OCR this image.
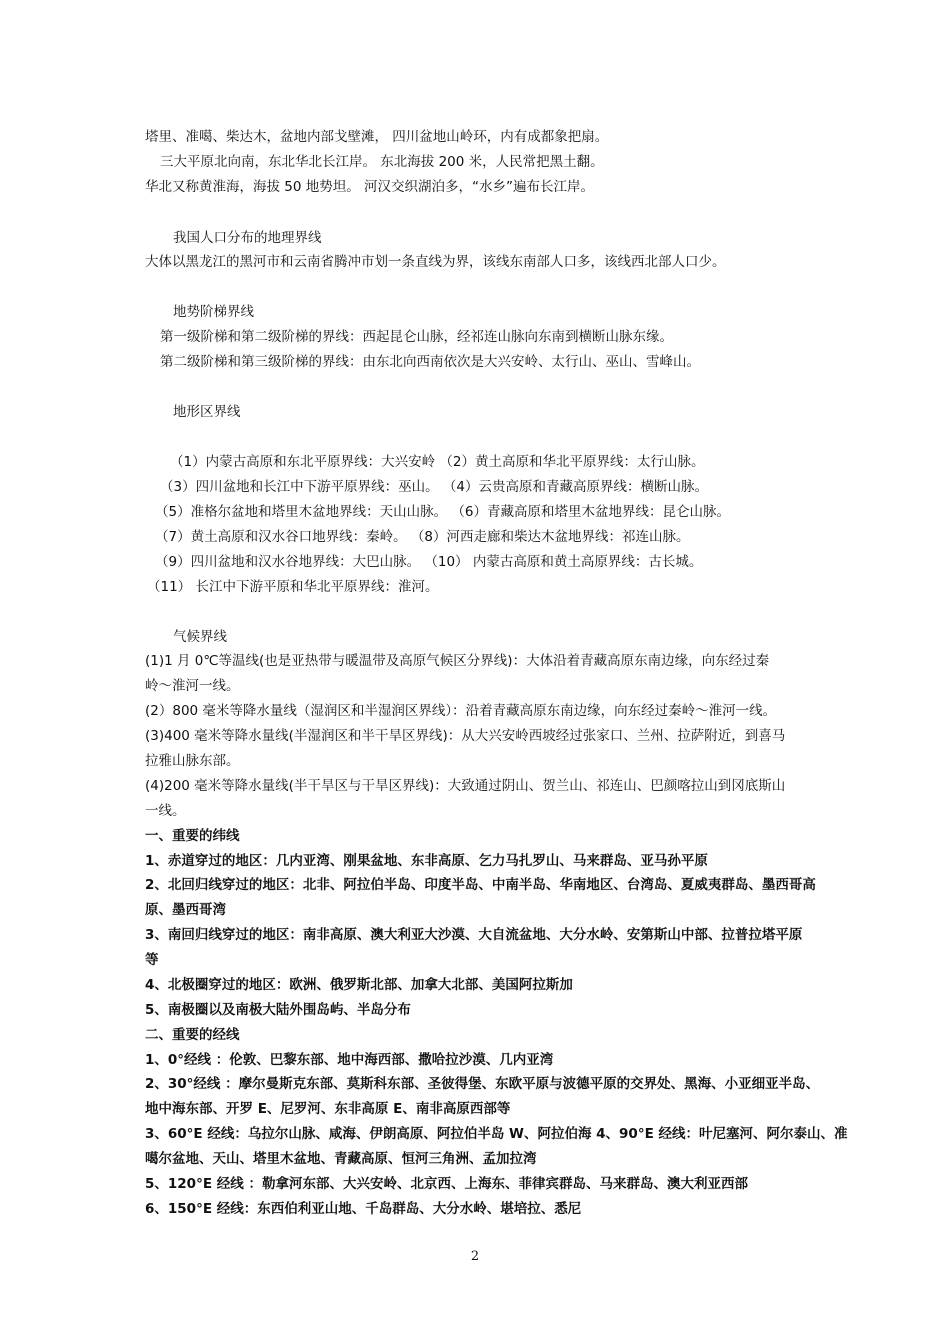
塔里、准噶、柴达木，盆地内部戈壁滩， 四川盆地山岭环，内有成都象把扇。
三大平原北向南，东北华北长江岸。 东北海拔 200 米，人民常把黑土翻。
华北又称黄淮海，海拔 50 地势坦。 河汉交织湖泊多，“水乡”遍布长江岸。
我国人口分布的地理界线
大体以黑龙江的黑河市和云南省腾冲市划一条直线为界，该线东南部人口多，该线西北部人口少。
地势阶梯界线
第一级阶梯和第二级阶梯的界线：西起昆仑山脉，经祁连山脉向东南到横断山脉东缘。
第二级阶梯和第三级阶梯的界线：由东北向西南依次是大兴安岭、太行山、巫山、雪峰山。
地形区界线
（1）内蒙古高原和东北平原界线：大兴安岭 （2）黄土高原和华北平原界线：太行山脉。
（3）四川盆地和长江中下游平原界线：巫山。 （4）云贵高原和青藏高原界线：横断山脉。
（5）准格尔盆地和塔里木盆地界线：天山山脉。 （6）青藏高原和塔里木盆地界线：昆仑山脉。
（7）黄土高原和汉水谷口地界线：秦岭。 （8）河西走廊和柴达木盆地界线：祁连山脉。
（9）四川盆地和汉水谷地界线：大巴山脉。 （10） 内蒙古高原和黄土高原界线：古长城。
（11） 长江中下游平原和华北平原界线：淮河。
气候界线
(1)1 月 0℃等温线(也是亚热带与暖温带及高原气候区分界线)：大体沿着青藏高原东南边缘，向东经过秦
岭～淮河一线。
(2）800 毫米等降水量线（湿润区和半湿润区界线）：沿着青藏高原东南边缘，向东经过秦岭～淮河一线。
(3)400 毫米等降水量线(半湿润区和半干旱区界线)：从大兴安岭西坡经过张家口、兰州、拉萨附近，到喜马
拉雅山脉东部。
(4)200 毫米等降水量线(半干旱区与干旱区界线)：大致通过阴山、贺兰山、祁连山、巴颜喀拉山到冈底斯山
一线。
一、重要的纬线
1、赤道穿过的地区：几内亚湾、刚果盆地、东非高原、乞力马扎罗山、马来群岛、亚马孙平原
2、北回归线穿过的地区：北非、阿拉伯半岛、印度半岛、中南半岛、华南地区、台湾岛、夏威夷群岛、墨西哥高
原、墨西哥湾
3、南回归线穿过的地区：南非高原、澳大利亚大沙漠、大自流盆地、大分水岭、安第斯山中部、拉普拉塔平原
等
4、北极圈穿过的地区：欧洲、俄罗斯北部、加拿大北部、美国阿拉斯加
5、南极圈以及南极大陆外围岛屿、半岛分布
二、重要的经线
1、0°经线 ：伦敦、巴黎东部、地中海西部、撒哈拉沙漠、几内亚湾
2、30°经线 ：摩尔曼斯克东部、莫斯科东部、圣彼得堡、东欧平原与波德平原的交界处、黑海、小亚细亚半岛、
地中海东部、开罗 E、尼罗河、东非高原 E、南非高原西部等
3、60°E 经线：乌拉尔山脉、咸海、伊朗高原、阿拉伯半岛 W、阿拉伯海 4、90°E 经线：叶尼塞河、阿尔泰山、准
噶尔盆地、天山、塔里木盆地、青藏高原、恒河三角洲、孟加拉湾
5、120°E 经线 ：勒拿河东部、大兴安岭、北京西、上海东、菲律宾群岛、马来群岛、澳大利亚西部
6、150°E 经线：东西伯利亚山地、千岛群岛、大分水岭、堪培拉、悉尼
2
